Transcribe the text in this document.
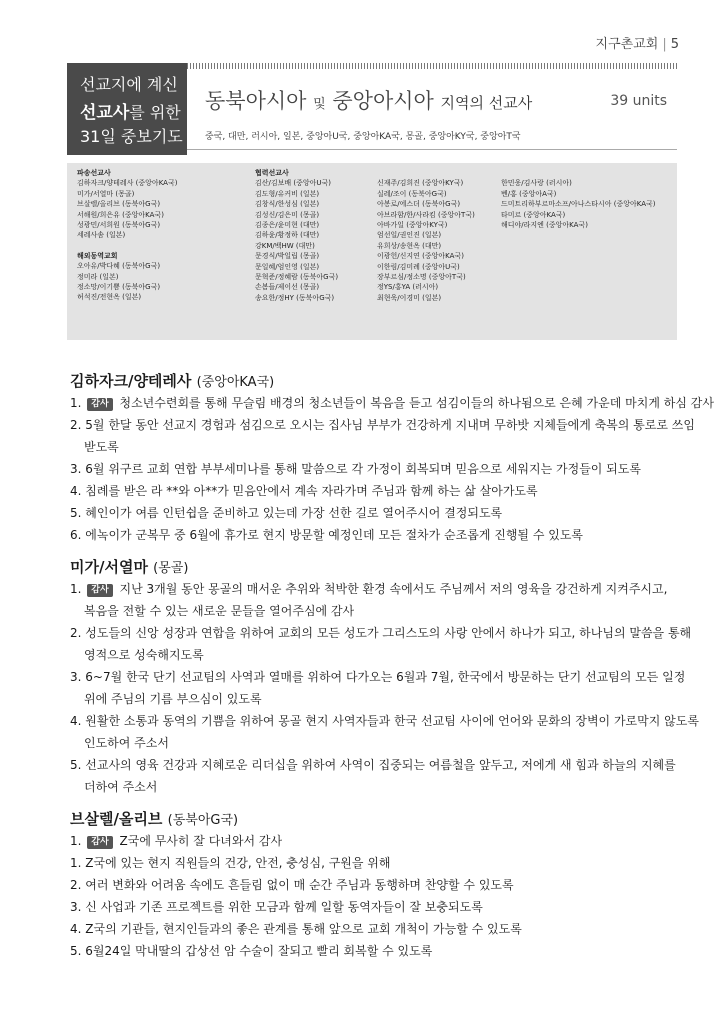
지구촌교회 | 5
선교지에 계신
선교사를 위한
31일 중보기도
동북아시아 및 중앙아시아 지역의 선교사	39 units
중국, 대만, 러시아, 일본, 중앙아U국, 중앙아KA국, 몽골, 중앙아KY국, 중앙아T국
파송선교사
김하자크/양테레사 (중앙아KA국)
미가/서열마 (몽골)
브살렐/올리브 (동북아G국)
서해원/희은유 (중앙아KA국)
성광민/서희원 (동북아G국)
세레사솜 (일본)
해외동역교회
오아유/박다혜 (동북아G국)
정미라 (일본)
정소망/이기쁨 (동북아G국)
허석진/전현옥 (일본)
협력선교사
김산/김보배 (중앙아U국)
김도형/유커비 (일본)
김창식/한성심 (일본)
김성신/김은미 (몽골)
김종은/윤미현 (대만)
김하윤/황정하 (대만)
강KM/백HW (대만)
문경식/박일립 (몽골)
문일혜/엄인영 (일본)
문혁준/정혜람 (동북아G국)
손봄들/제이선 (몽골)
송요한/정HY (동북아G국)
신재주/김희진 (중앙아KY국)
실레/조이 (동북아G국)
아봉로/에스더 (동북아G국)
아브라함/한/사라킴 (중앙아T국)
아바가일 (중앙아KY국)
엄선일/권인진 (일본)
유희상/송현옥 (대만)
이광헌/신지연 (중앙아KA국)
이한림/김미례 (중앙아U국)
장부르심/정소명 (중앙아T국)
정YS/홍YA (러시아)
최현욱/이경미 (일본)
한민웅/김사랑 (러시아)
벤/홍 (중앙아A국)
드미트리하부르마소프/아나스타시아 (중앙아KA국)
타미르 (중앙아KA국)
해디야/라지엔 (중앙아KA국)
김하자크/양테레사 (중앙아KA국)
1. 감사 청소년수련회를 통해 무슬림 배경의 청소년들이 복음을 듣고 섬김이들의 하나됨으로 은혜 가운데 마치게 하심 감사
2. 5월 한달 동안 선교지 경험과 섬김으로 오시는 집사님 부부가 건강하게 지내며 무하밧 지체들에게 축복의 통로로 쓰임
받도록
3. 6월 위구르 교회 연합 부부세미나를 통해 말씀으로 각 가정이 회복되며 믿음으로 세워지는 가정들이 되도록
4. 침례를 받은 라 **와 아**가 믿음안에서 계속 자라가며 주님과 함께 하는 삶 살아가도록
5. 혜인이가 여름 인턴쉽을 준비하고 있는데 가장 선한 길로 열어주시어 결정되도록
6. 에녹이가 군복무 중 6월에 휴가로 현지 방문할 예정인데 모든 절차가 순조롭게 진행될 수 있도록
미가/서열마 (몽골)
1. 감사 지난 3개월 동안 몽골의 매서운 추위와 척박한 환경 속에서도 주님께서 저의 영육을 강건하게 지켜주시고,
복음을 전할 수 있는 새로운 문들을 열어주심에 감사
2. 성도들의 신앙 성장과 연합을 위하여 교회의 모든 성도가 그리스도의 사랑 안에서 하나가 되고, 하나님의 말씀을 통해
영적으로 성숙해지도록
3. 6~7월 한국 단기 선교팀의 사역과 열매를 위하여 다가오는 6월과 7월, 한국에서 방문하는 단기 선교팀의 모든 일정
위에 주님의 기름 부으심이 있도록
4. 원활한 소통과 동역의 기쁨을 위하여 몽골 현지 사역자들과 한국 선교팀 사이에 언어와 문화의 장벽이 가로막지 않도록
인도하여 주소서
5. 선교사의 영육 건강과 지혜로운 리더십을 위하여 사역이 집중되는 여름철을 앞두고, 저에게 새 힘과 하늘의 지혜를
더하여 주소서
브살렐/올리브 (동북아G국)
1. 감사 Z국에 무사히 잘 다녀와서 감사
1. Z국에 있는 현지 직원들의 건강, 안전, 충성심, 구원을 위해
2. 여러 변화와 어려움 속에도 흔들림 없이 매 순간 주님과 동행하며 찬양할 수 있도록
3. 신 사업과 기존 프로젝트를 위한 모금과 함께 일할 동역자들이 잘 보충되도록
4. Z국의 기관들, 현지인들과의 좋은 관계를 통해 앞으로 교회 개척이 가능할 수 있도록
5. 6월24일 막내딸의 갑상선 암 수술이 잘되고 빨리 회복할 수 있도록
